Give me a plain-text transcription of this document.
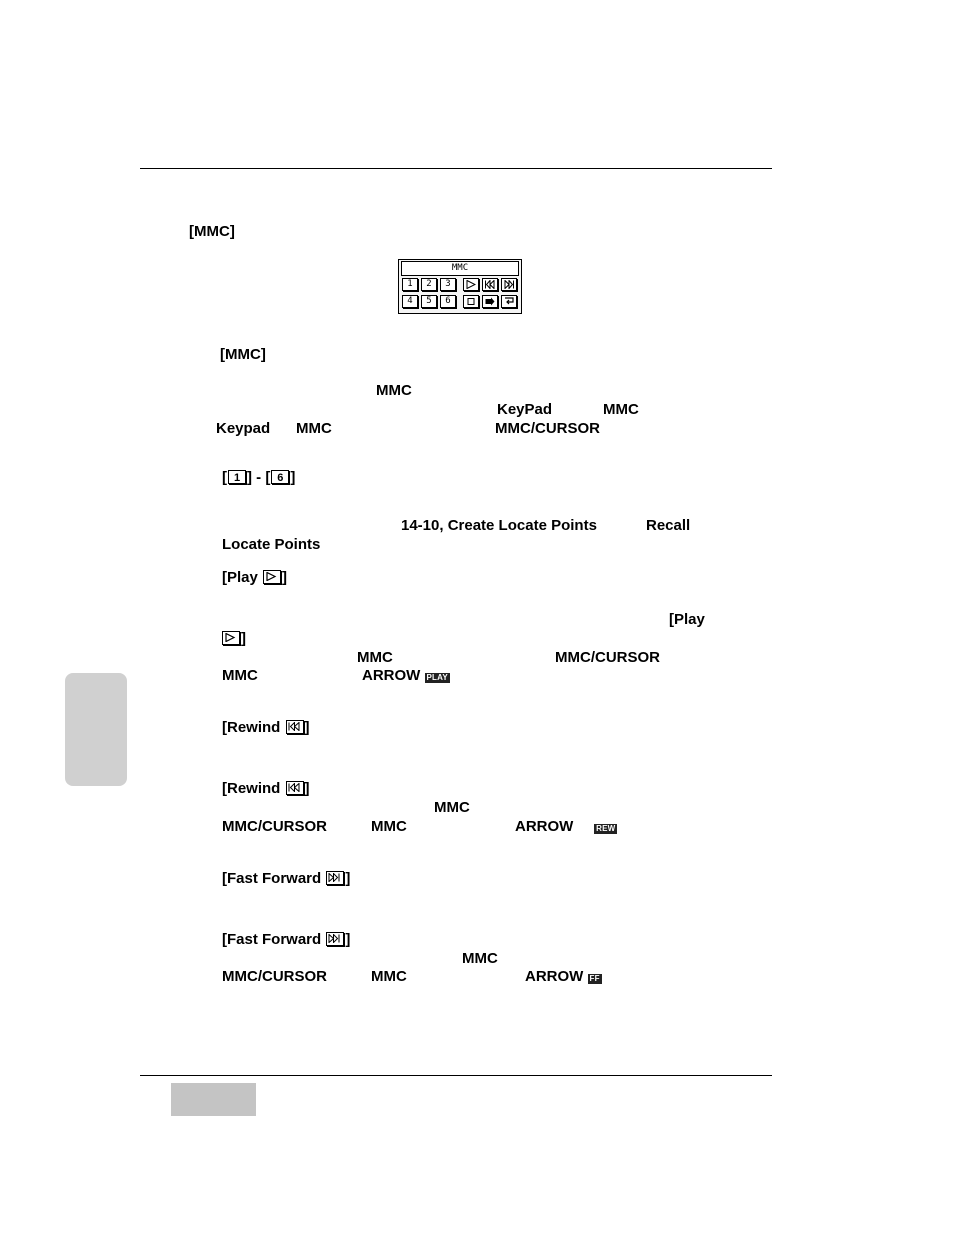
[MMC]
MMC
1	2	3
4	5	6
[MMC]
MMC
KeyPad	MMC
Keypad MMC	MMC/CURSOR
[ 1 ] - [ 6 ]
14-10, Create Locate Points	Recall
Locate Points
[Play ]
[Play
]
MMC	MMC/CURSOR
MMC	ARROW PLAY
[Rewind ]
[Rewind ]
MMC
MMC/CURSOR	MMC	ARROW	REW
[Fast Forward ]
[Fast Forward ]
MMC
MMC/CURSOR	MMC	ARROW FF
